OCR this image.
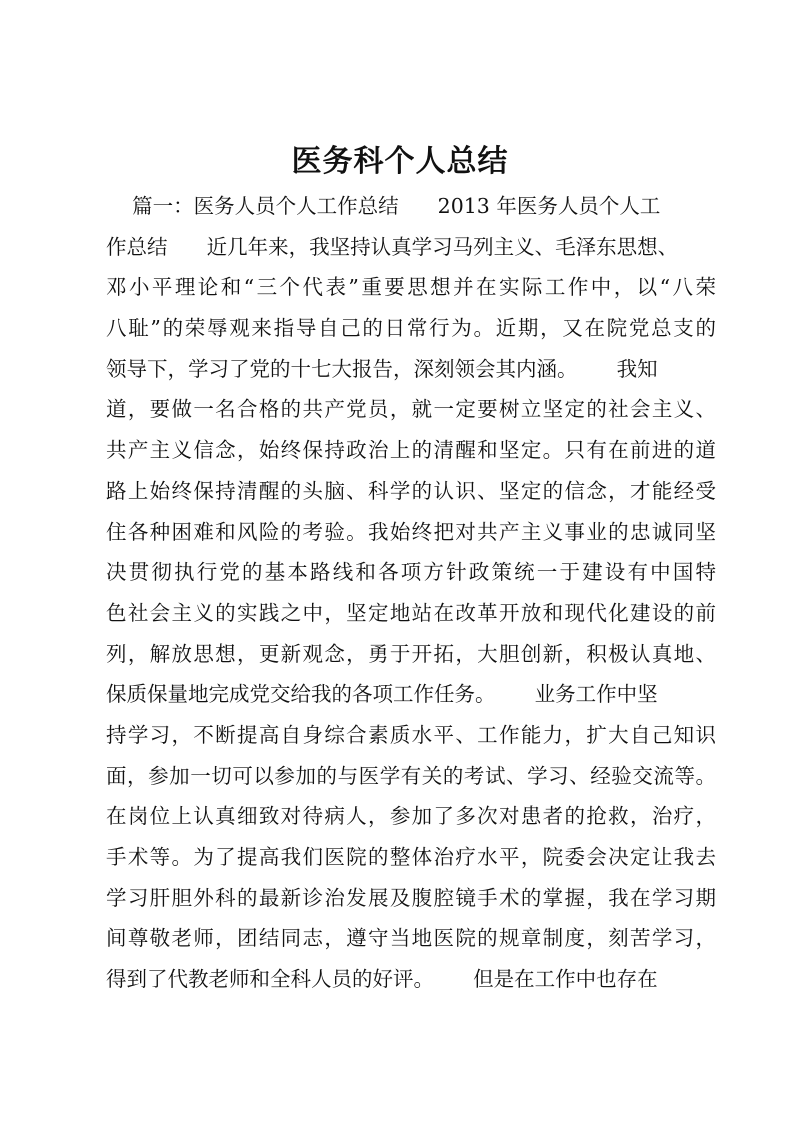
医务科个人总结
篇一：医务人员个人工作总结      2013 年医务人员个人工
作总结      近几年来，我坚持认真学习马列主义、毛泽东思想、
邓小平理论和“三个代表”重要思想并在实际工作中，以“八荣
八耻”的荣辱观来指导自己的日常行为。近期，又在院党总支的
领导下，学习了党的十七大报告，深刻领会其内涵。      我知
道，要做一名合格的共产党员，就一定要树立坚定的社会主义、
共产主义信念，始终保持政治上的清醒和坚定。只有在前进的道
路上始终保持清醒的头脑、科学的认识、坚定的信念，才能经受
住各种困难和风险的考验。我始终把对共产主义事业的忠诚同坚
决贯彻执行党的基本路线和各项方针政策统一于建设有中国特
色社会主义的实践之中，坚定地站在改革开放和现代化建设的前
列，解放思想，更新观念，勇于开拓，大胆创新，积极认真地、
保质保量地完成党交给我的各项工作任务。      业务工作中坚
持学习，不断提高自身综合素质水平、工作能力，扩大自己知识
面，参加一切可以参加的与医学有关的考试、学习、经验交流等。
在岗位上认真细致对待病人，参加了多次对患者的抢救，治疗，
手术等。为了提高我们医院的整体治疗水平，院委会决定让我去
学习肝胆外科的最新诊治发展及腹腔镜手术的掌握，我在学习期
间尊敬老师，团结同志，遵守当地医院的规章制度，刻苦学习，
得到了代教老师和全科人员的好评。      但是在工作中也存在
